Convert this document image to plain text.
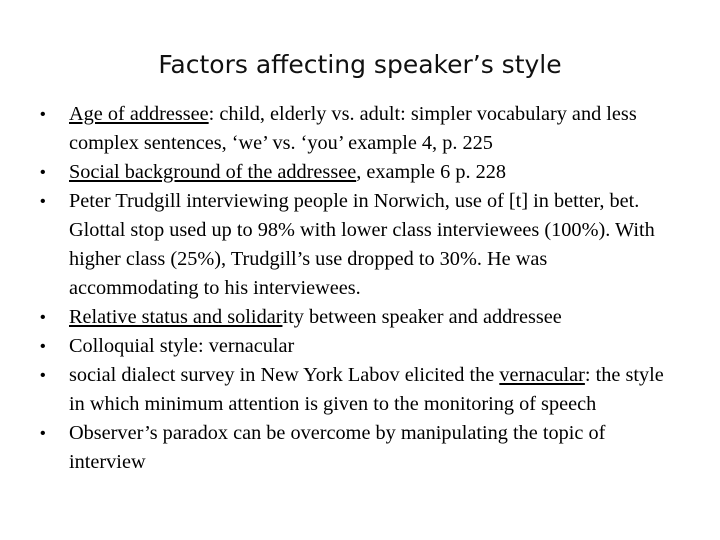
Factors affecting speaker’s style
• Age of addressee: child, elderly vs. adult: simpler vocabulary and less complex sentences, ‘we’ vs. ‘you’ example 4, p. 225
• Social background of the addressee, example 6 p. 228
• Peter Trudgill interviewing people in Norwich, use of [t] in better, bet. Glottal stop used up to 98% with lower class interviewees (100%). With higher class (25%), Trudgill’s use dropped to 30%. He was accommodating to his interviewees.
• Relative status and solidarity between speaker and addressee
• Colloquial style: vernacular
• social dialect survey in New York Labov elicited the vernacular: the style in which minimum attention is given to the monitoring of speech
• Observer’s paradox can be overcome by manipulating the topic of interview
